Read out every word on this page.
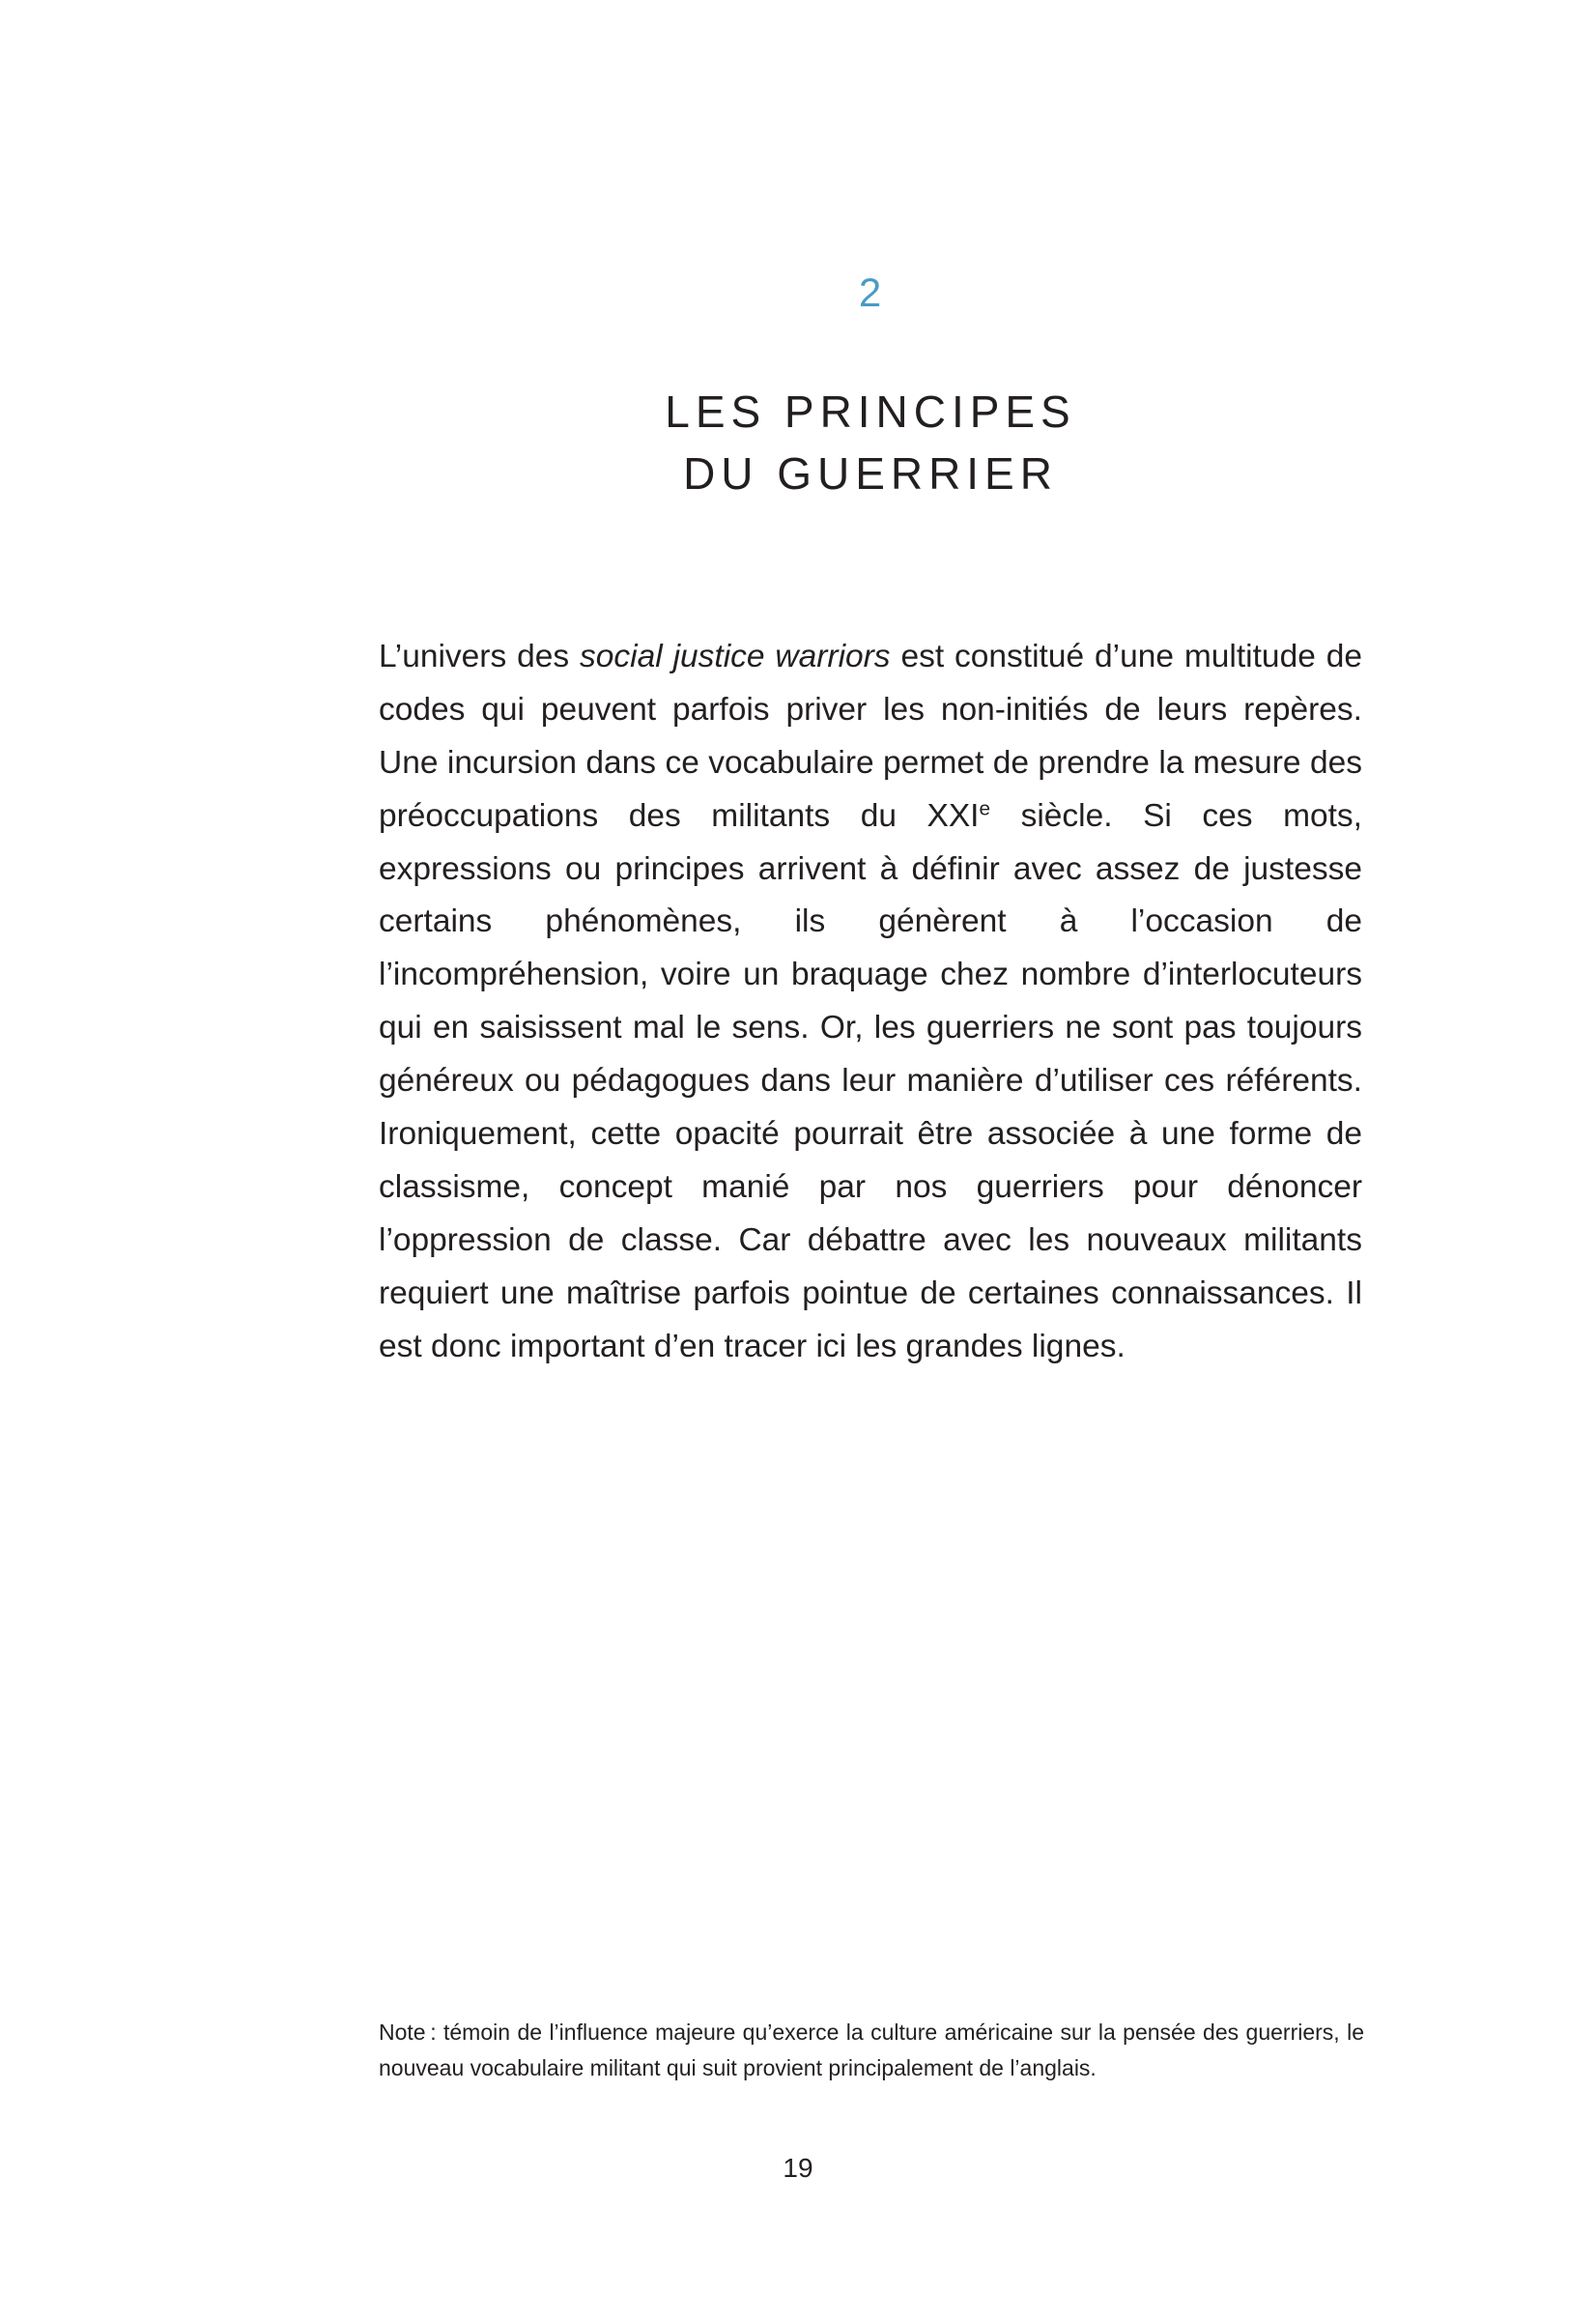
2
LES PRINCIPES
DU GUERRIER

L’univers des social justice warriors est constitué d’une multitude de codes qui peuvent parfois priver les non-initiés de leurs repères. Une incursion dans ce vocabulaire permet de prendre la mesure des préoccupations des militants du XXIe siècle. Si ces mots, expressions ou principes arrivent à définir avec assez de justesse certains phénomènes, ils génèrent à l’occasion de l’incompréhension, voire un braquage chez nombre d’interlocuteurs qui en saisissent mal le sens. Or, les guerriers ne sont pas toujours généreux ou pédagogues dans leur manière d’utiliser ces référents. Ironiquement, cette opacité pourrait être associée à une forme de classisme, concept manié par nos guerriers pour dénoncer l’oppression de classe. Car débattre avec les nouveaux militants requiert une maîtrise parfois pointue de certaines connaissances. Il est donc important d’en tracer ici les grandes lignes.

Note : témoin de l’influence majeure qu’exerce la culture américaine sur la pensée des guerriers, le nouveau vocabulaire militant qui suit provient principalement de l’anglais.

19
